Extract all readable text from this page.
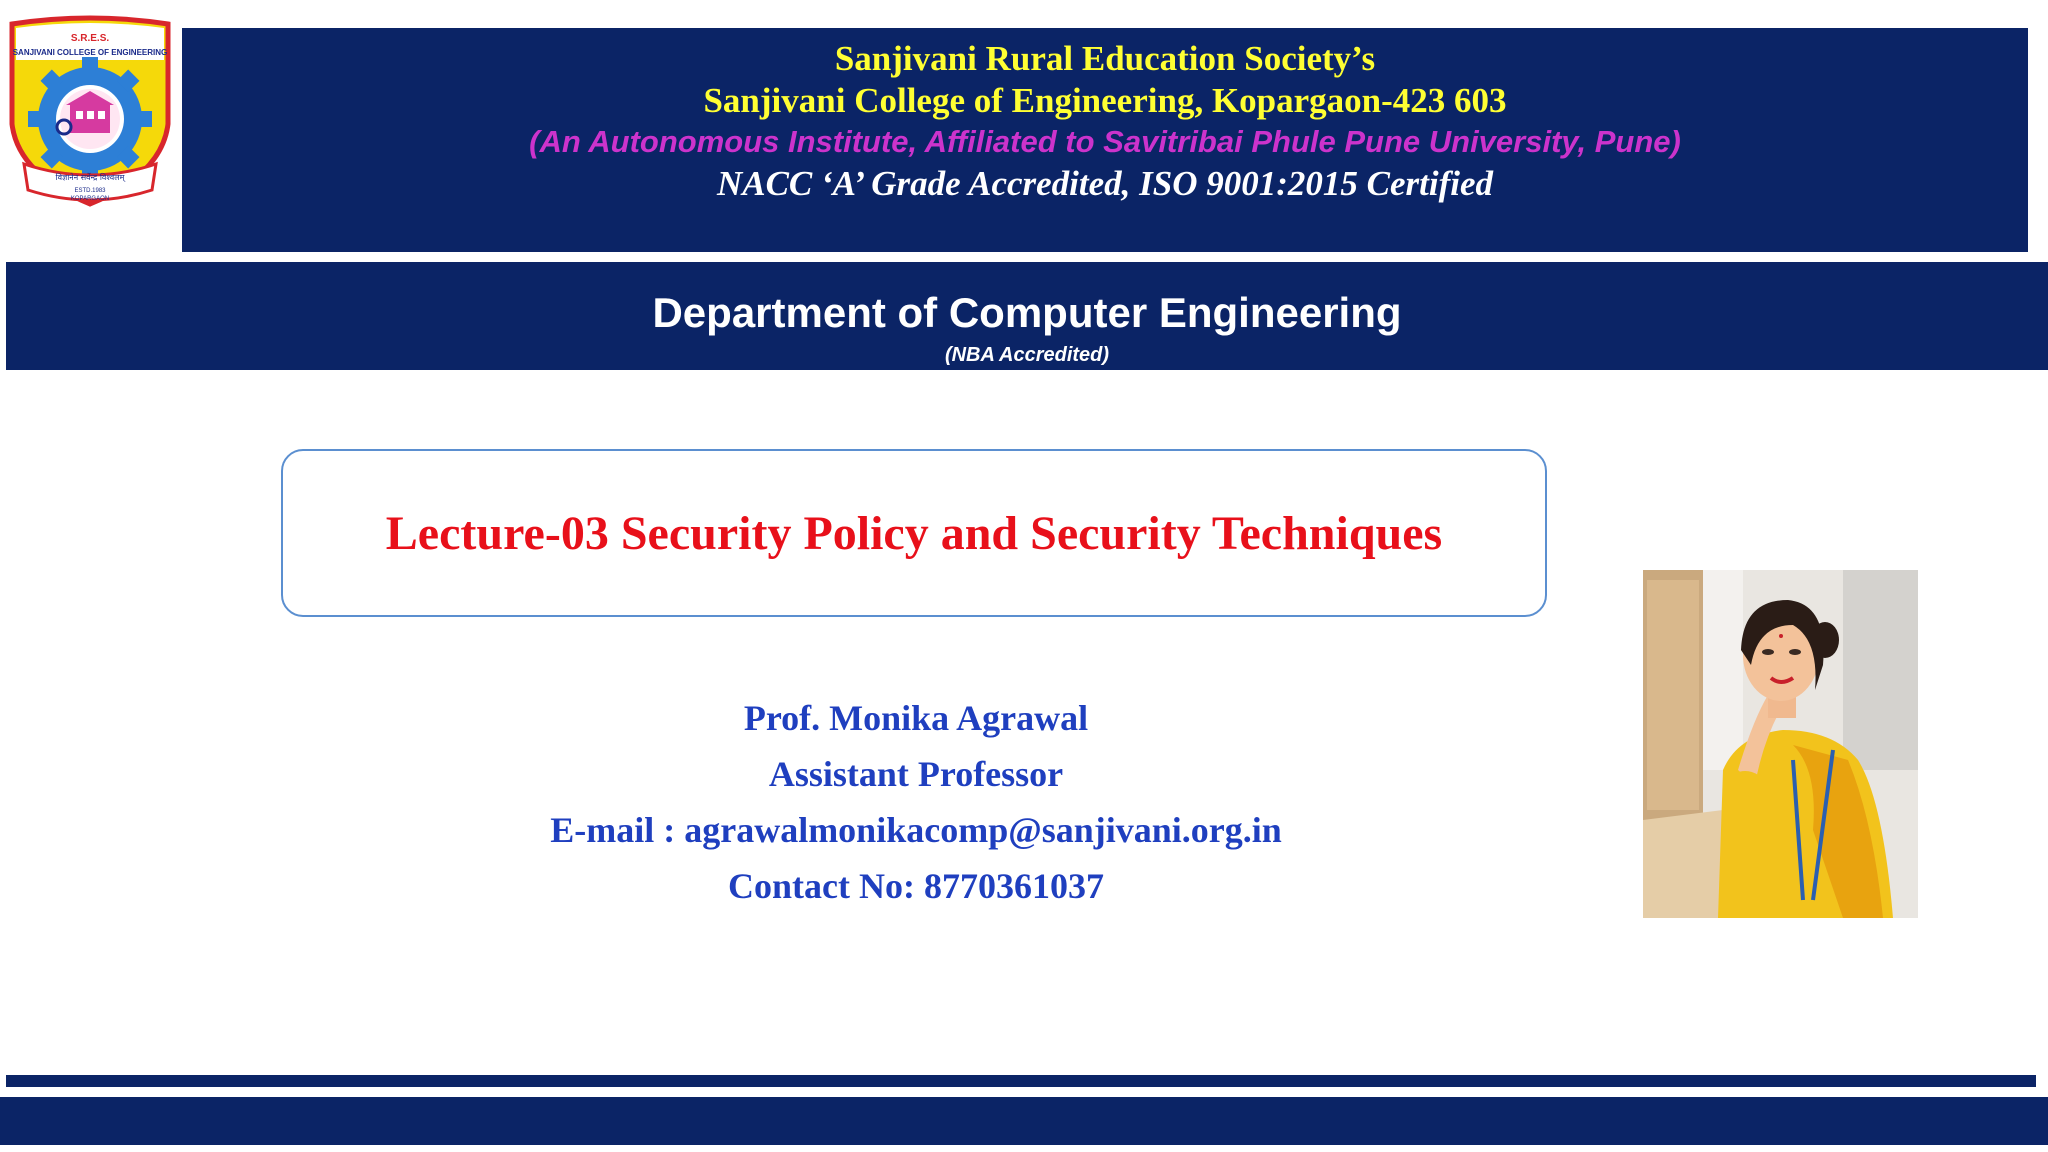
S.R.E.S.
SANJIVANI COLLEGE OF ENGINEERING
विज्ञानेन सर्वेन्द्र विश्वलम्
ESTD.1983
KOPARGAON
Sanjivani Rural Education Society’s
Sanjivani College of Engineering, Kopargaon-423 603
(An Autonomous Institute, Affiliated to Savitribai Phule Pune University, Pune)
NACC ‘A’ Grade Accredited, ISO 9001:2015 Certified
Department of Computer Engineering
(NBA Accredited)
Lecture-03 Security Policy and Security Techniques
Prof. Monika Agrawal
Assistant Professor
E-mail : agrawalmonikacomp@sanjivani.org.in
Contact No: 8770361037
